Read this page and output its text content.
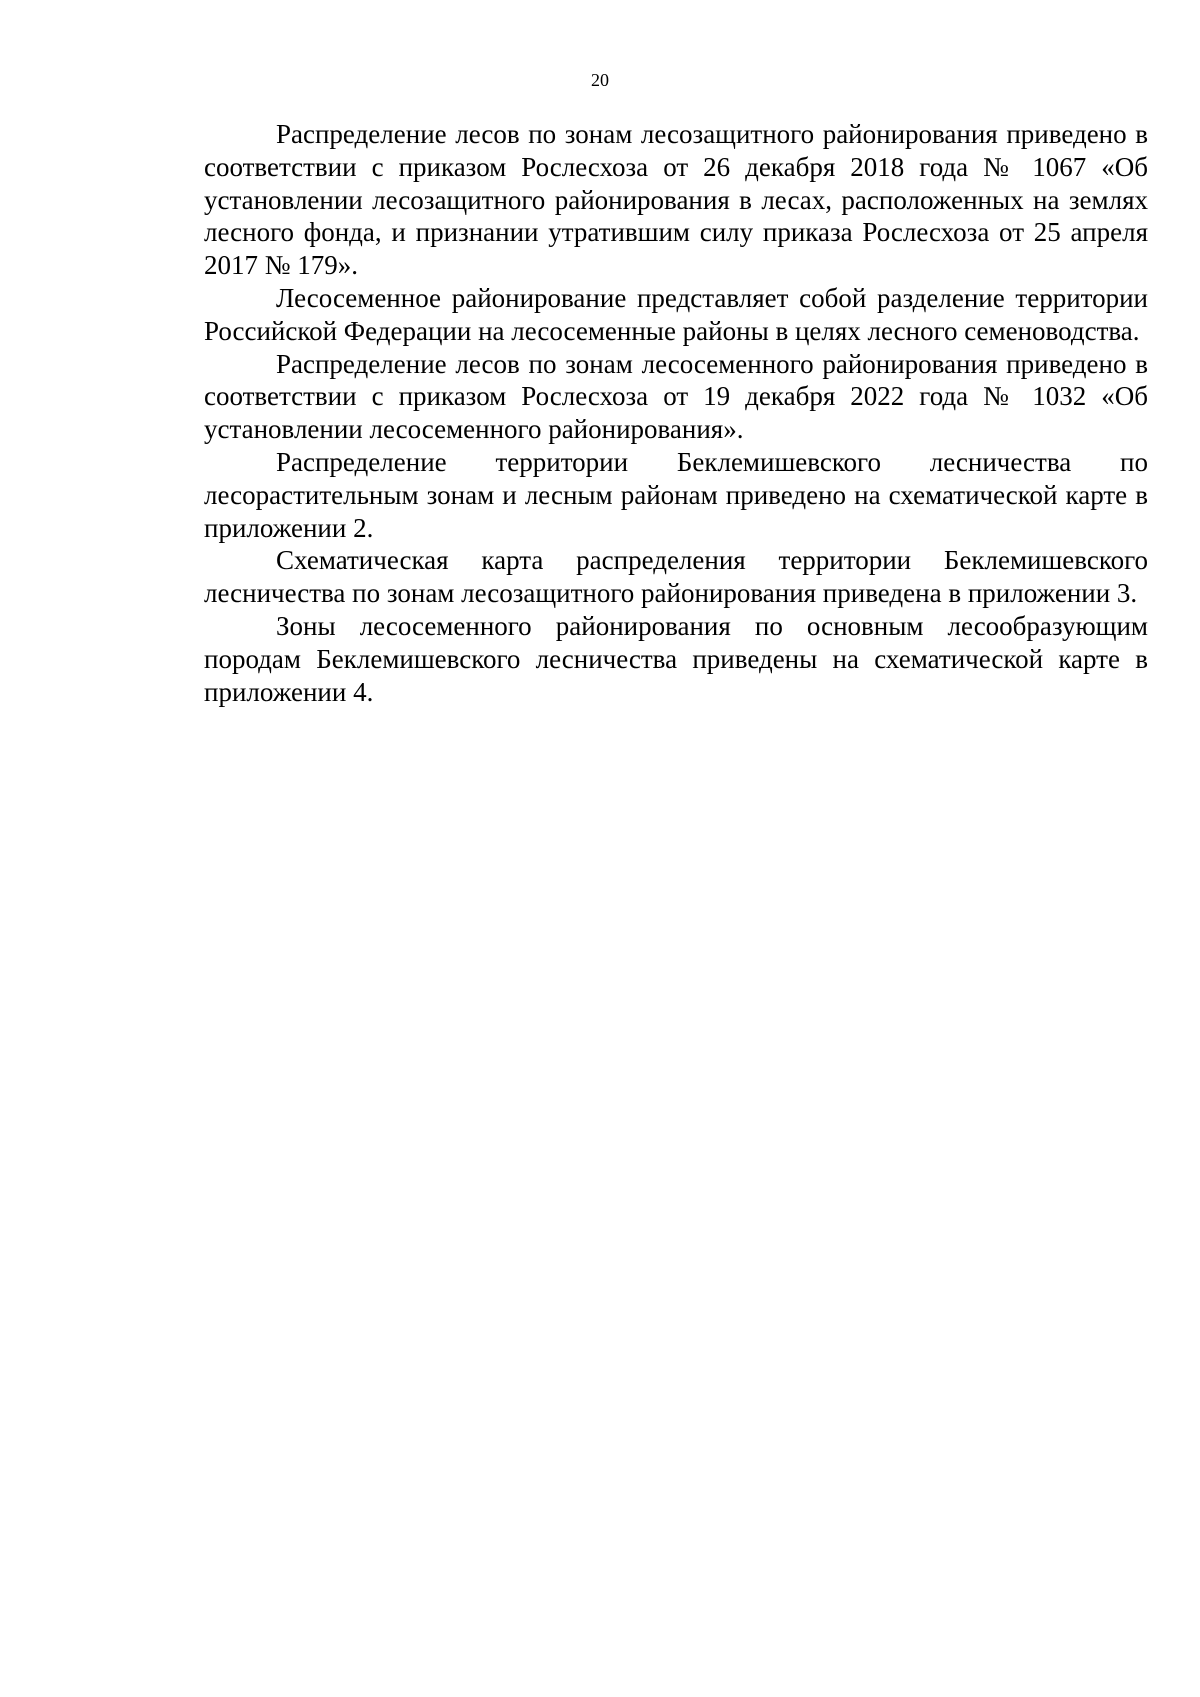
20

Распределение лесов по зонам лесозащитного районирования приведено в соответствии с приказом Рослесхоза от 26 декабря 2018 года № 1067 «Об установлении лесозащитного районирования в лесах, расположенных на землях лесного фонда, и признании утратившим силу приказа Рослесхоза от 25 апреля 2017 № 179».

Лесосеменное районирование представляет собой разделение территории Российской Федерации на лесосеменные районы в целях лесного семеноводства.

Распределение лесов по зонам лесосеменного районирования приведено в соответствии с приказом Рослесхоза от 19 декабря 2022 года № 1032 «Об установлении лесосеменного районирования».

Распределение территории Беклемишевского лесничества по лесорастительным зонам и лесным районам приведено на схематической карте в приложении 2.

Схематическая карта распределения территории Беклемишевского лесничества по зонам лесозащитного районирования приведена в приложении 3.

Зоны лесосеменного районирования по основным лесообразующим породам Беклемишевского лесничества приведены на схематической карте в приложении 4.
